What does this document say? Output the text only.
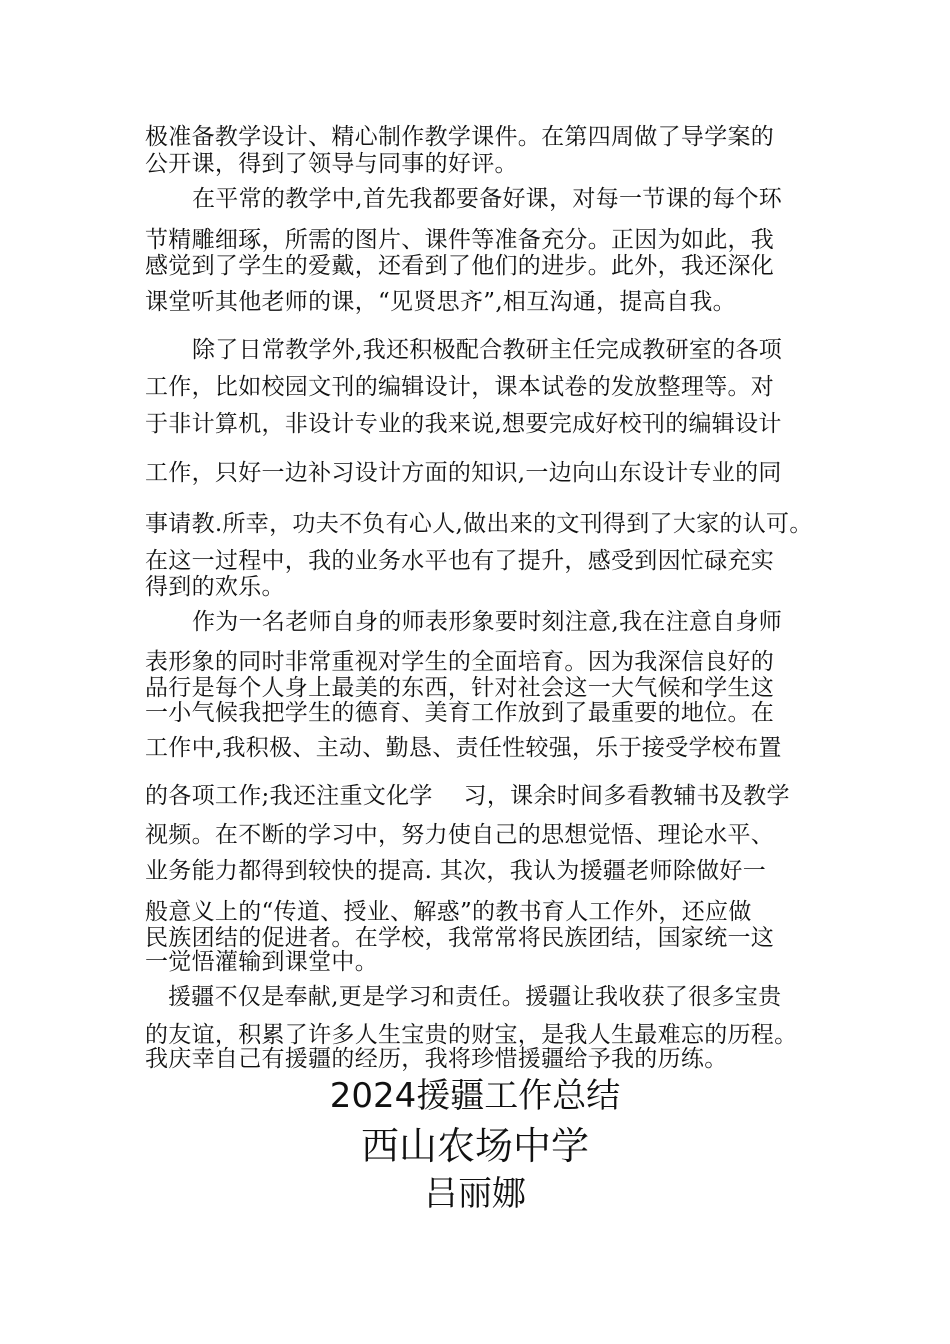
极准备教学设计、精心制作教学课件。在第四周做了导学案的
公开课，得到了领导与同事的好评。
在平常的教学中,首先我都要备好课，对每一节课的每个环
节精雕细琢，所需的图片、课件等准备充分。正因为如此，我
感觉到了学生的爱戴，还看到了他们的进步。此外，我还深化
课堂听其他老师的课，“见贤思齐”,相互沟通，提高自我。
除了日常教学外,我还积极配合教研主任完成教研室的各项
工作，比如校园文刊的编辑设计，课本试卷的发放整理等。对
于非计算机，非设计专业的我来说,想要完成好校刊的编辑设计
工作，只好一边补习设计方面的知识,一边向山东设计专业的同
事请教.所幸，功夫不负有心人,做出来的文刊得到了大家的认可。
在这一过程中，我的业务水平也有了提升，感受到因忙碌充实
得到的欢乐。
作为一名老师自身的师表形象要时刻注意,我在注意自身师
表形象的同时非常重视对学生的全面培育。因为我深信良好的
品行是每个人身上最美的东西，针对社会这一大气候和学生这
一小气候我把学生的德育、美育工作放到了最重要的地位。在
工作中,我积极、主动、勤恳、责任性较强，乐于接受学校布置
的各项工作;我还注重文化学　 习，课余时间多看教辅书及教学
视频。在不断的学习中，努力使自己的思想觉悟、理论水平、
业务能力都得到较快的提高. 其次，我认为援疆老师除做好一
般意义上的“传道、授业、解惑”的教书育人工作外，还应做
民族团结的促进者。在学校，我常常将民族团结，国家统一这
一觉悟灌输到课堂中。
援疆不仅是奉献,更是学习和责任。援疆让我收获了很多宝贵
的友谊，积累了许多人生宝贵的财宝，是我人生最难忘的历程。
我庆幸自己有援疆的经历，我将珍惜援疆给予我的历练。
2024援疆工作总结
西山农场中学
吕丽娜
